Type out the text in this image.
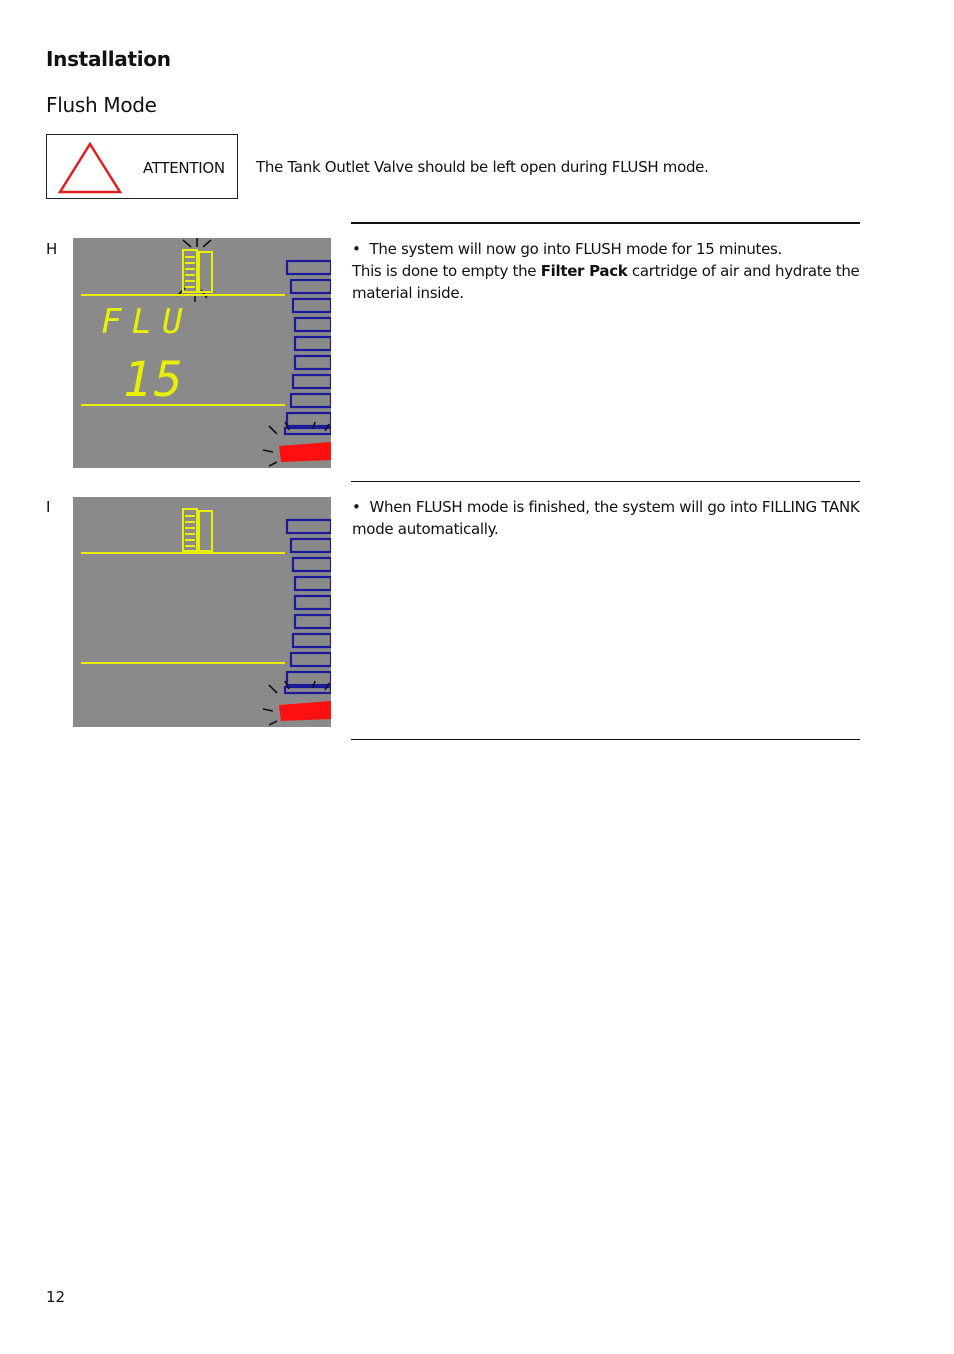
Installation
Flush Mode
ATTENTION The Tank Outlet Valve should be left open during FLUSH mode.
H
FLU
15
• The system will now go into FLUSH mode for 15 minutes.
This is done to empty the Filter Pack cartridge of air and hydrate the material inside.
I	• When FLUSH mode is finished, the system will go into FILLING TANK mode automatically.
12
